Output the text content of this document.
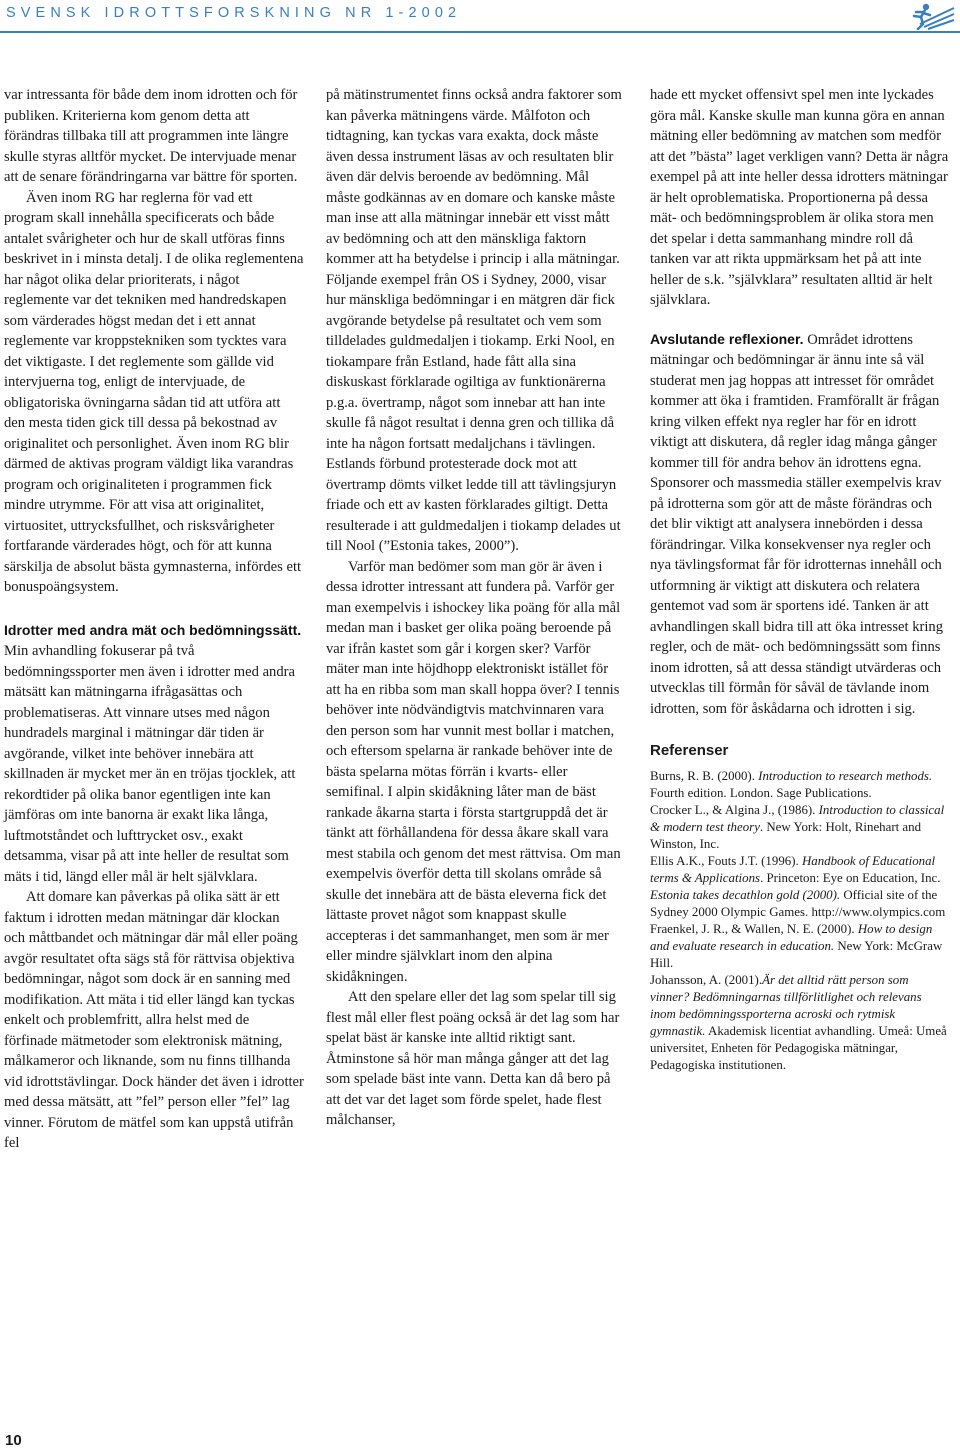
SVENSK IDROTTSFORSKNING NR 1-2002

var intressanta för både dem inom idrotten och för publiken. Kriterierna kom genom detta att förändras tillbaka till att programmen inte längre skulle styras alltför mycket. De intervjuade menar att de senare förändringarna var bättre för sporten.

Även inom RG har reglerna för vad ett program skall innehålla specificerats och både antalet svårigheter och hur de skall utföras finns beskrivet in i minsta detalj. I de olika reglementena har något olika delar prioriterats, i något reglemente var det tekniken med handredskapen som värderades högst medan det i ett annat reglemente var kroppstekniken som tycktes vara det viktigaste. I det reglemente som gällde vid intervjuerna tog, enligt de intervjuade, de obligatoriska övningarna sådan tid att utföra att den mesta tiden gick till dessa på bekostnad av originalitet och personlighet. Även inom RG blir därmed de aktivas program väldigt lika varandras program och originaliteten i programmen fick mindre utrymme. För att visa att originalitet, virtuositet, uttrycksfullhet, och risksvårigheter fortfarande värderades högt, och för att kunna särskilja de absolut bästa gymnasterna, infördes ett bonuspoängsystem.

Idrotter med andra mät och bedömningssätt. Min avhandling fokuserar på två bedömningssporter men även i idrotter med andra mätsätt kan mätningarna ifrågasättas och problematiseras. Att vinnare utses med någon hundradels marginal i mätningar där tiden är avgörande, vilket inte behöver innebära att skillnaden är mycket mer än en tröjas tjocklek, att rekordtider på olika banor egentligen inte kan jämföras om inte banorna är exakt lika långa, luftmotståndet och lufttrycket osv., exakt detsamma, visar på att inte heller de resultat som mäts i tid, längd eller mål är helt självklara.

Att domare kan påverkas på olika sätt är ett faktum i idrotten medan mätningar där klockan och måttbandet och mätningar där mål eller poäng avgör resultatet ofta sägs stå för rättvisa objektiva bedömningar, något som dock är en sanning med modifikation. Att mäta i tid eller längd kan tyckas enkelt och problemfritt, allra helst med de förfinade mätmetoder som elektronisk mätning, målkameror och liknande, som nu finns tillhanda vid idrottstävlingar. Dock händer det även i idrotter med dessa mätsätt, att ”fel” person eller ”fel” lag vinner. Förutom de mätfel som kan uppstå utifrån fel

på mätinstrumentet finns också andra faktorer som kan påverka mätningens värde. Målfoton och tidtagning, kan tyckas vara exakta, dock måste även dessa instrument läsas av och resultaten blir även där delvis beroende av bedömning. Mål måste godkännas av en domare och kanske måste man inse att alla mätningar innebär ett visst mått av bedömning och att den mänskliga faktorn kommer att ha betydelse i princip i alla mätningar. Följande exempel från OS i Sydney, 2000, visar hur mänskliga bedömningar i en mätgren där fick avgörande betydelse på resultatet och vem som tilldelades guldmedaljen i tiokamp. Erki Nool, en tiokampare från Estland, hade fått alla sina diskuskast förklarade ogiltiga av funktionärerna p.g.a. övertramp, något som innebar att han inte skulle få något resultat i denna gren och tillika då inte ha någon fortsatt medaljchans i tävlingen. Estlands förbund protesterade dock mot att övertramp dömts vilket ledde till att tävlingsjuryn friade och ett av kasten förklarades giltigt. Detta resulterade i att guldmedaljen i tiokamp delades ut till Nool (”Estonia takes, 2000”).

Varför man bedömer som man gör är även i dessa idrotter intressant att fundera på. Varför ger man exempelvis i ishockey lika poäng för alla mål medan man i basket ger olika poäng beroende på var ifrån kastet som går i korgen sker? Varför mäter man inte höjdhopp elektroniskt istället för att ha en ribba som man skall hoppa över? I tennis behöver inte nödvändigtvis matchvinnaren vara den person som har vunnit mest bollar i matchen, och eftersom spelarna är rankade behöver inte de bästa spelarna mötas förrän i kvarts- eller semifinal. I alpin skidåkning låter man de bäst rankade åkarna starta i första startgruppdå det är tänkt att förhållandena för dessa åkare skall vara mest stabila och genom det mest rättvisa. Om man exempelvis överför detta till skolans område så skulle det innebära att de bästa eleverna fick det lättaste provet något som knappast skulle accepteras i det sammanhanget, men som är mer eller mindre självklart inom den alpina skidåkningen.

Att den spelare eller det lag som spelar till sig flest mål eller flest poäng också är det lag som har spelat bäst är kanske inte alltid riktigt sant. Åtminstone så hör man många gånger att det lag som spelade bäst inte vann. Detta kan då bero på att det var det laget som förde spelet, hade flest målchanser,

hade ett mycket offensivt spel men inte lyckades göra mål. Kanske skulle man kunna göra en annan mätning eller bedömning av matchen som medför att det ”bästa” laget verkligen vann? Detta är några exempel på att inte heller dessa idrotters mätningar är helt oproblematiska. Proportionerna på dessa mät- och bedömningsproblem är olika stora men det spelar i detta sammanhang mindre roll då tanken var att rikta uppmärksam het på att inte heller de s.k. ”självklara” resultaten alltid är helt självklara.

Avslutande reflexioner. Området idrottens mätningar och bedömningar är ännu inte så väl studerat men jag hoppas att intresset för området kommer att öka i framtiden. Framförallt är frågan kring vilken effekt nya regler har för en idrott viktigt att diskutera, då regler idag många gånger kommer till för andra behov än idrottens egna. Sponsorer och massmedia ställer exempelvis krav på idrotterna som gör att de måste förändras och det blir viktigt att analysera innebörden i dessa förändringar. Vilka konsekvenser nya regler och nya tävlingsformat får för idrotternas innehåll och utformning är viktigt att diskutera och relatera gentemot vad som är sportens idé. Tanken är att avhandlingen skall bidra till att öka intresset kring regler, och de mät- och bedömningssätt som finns inom idrotten, så att dessa ständigt utvärderas och utvecklas till förmån för såväl de tävlande inom idrotten, som för åskådarna och idrotten i sig.

Referenser

Burns, R. B. (2000). Introduction to research methods. Fourth edition. London. Sage Publications.

Crocker L., & Algina J., (1986). Introduction to classical & modern test theory. New York: Holt, Rinehart and Winston, Inc.

Ellis A.K., Fouts J.T. (1996). Handbook of Educational terms & Applications. Princeton: Eye on Education, Inc.

Estonia takes decathlon gold (2000). Official site of the Sydney 2000 Olympic Games. http://www.olympics.com

Fraenkel, J. R., & Wallen, N. E. (2000). How to design and evaluate research in education. New York: McGraw Hill.

Johansson, A. (2001).Är det alltid rätt person som vinner? Bedömningarnas tillförlitlighet och relevans inom bedömningssporterna acroski och rytmisk gymnastik. Akademisk licentiat avhandling. Umeå: Umeå universitet, Enheten för Pedagogiska mätningar, Pedagogiska institutionen.

10
